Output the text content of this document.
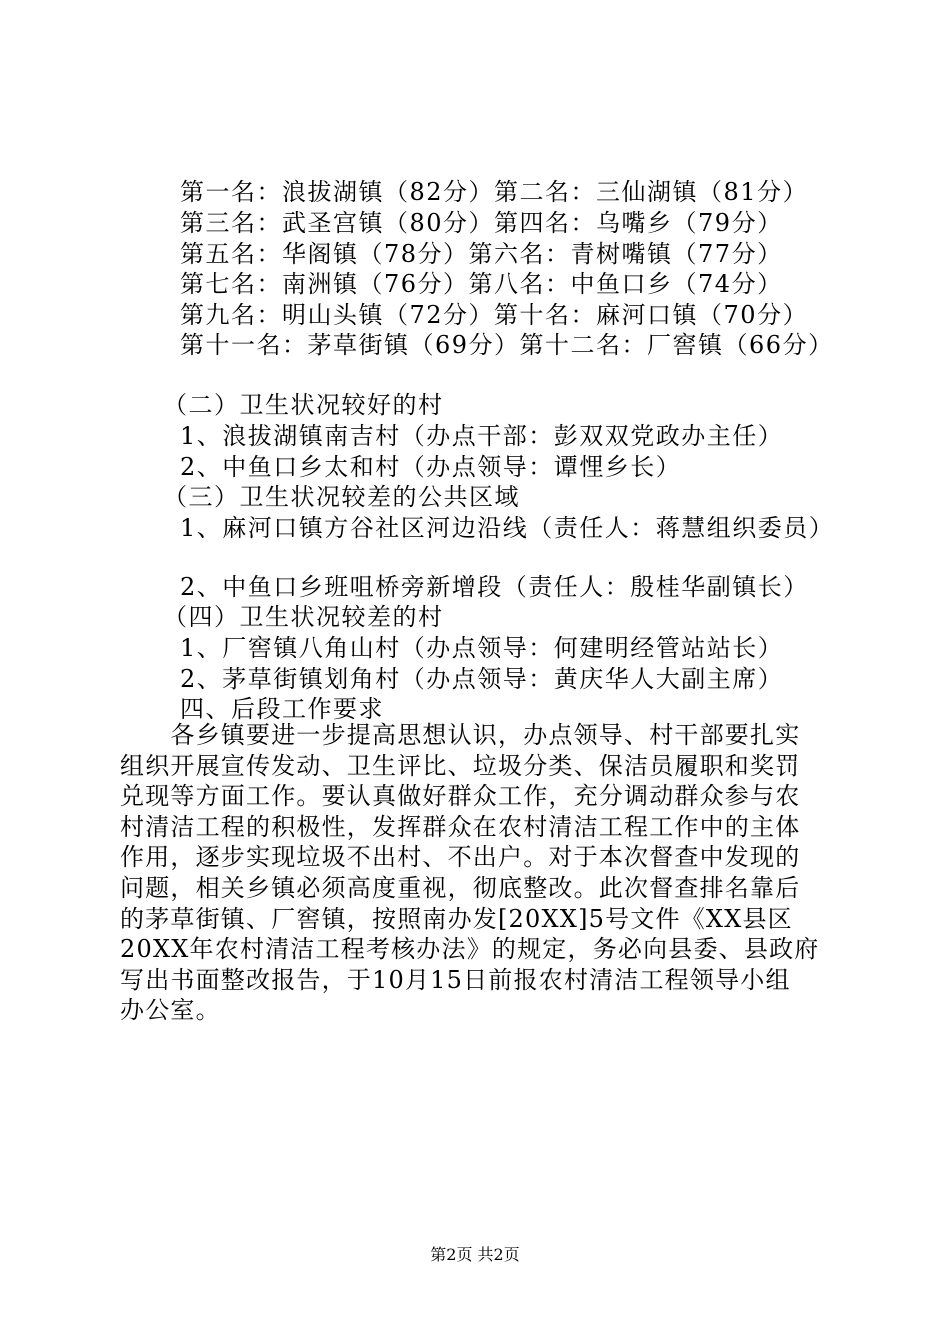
第一名：浪拔湖镇（82分）第二名：三仙湖镇（81分）
第三名：武圣宫镇（80分）第四名：乌嘴乡（79分）
第五名：华阁镇（78分）第六名：青树嘴镇（77分）
第七名：南洲镇（76分）第八名：中鱼口乡（74分）
第九名：明山头镇（72分）第十名：麻河口镇（70分）
第十一名：茅草街镇（69分）第十二名：厂窖镇（66分）
（二）卫生状况较好的村
1、浪拔湖镇南吉村（办点干部：彭双双党政办主任）
2、中鱼口乡太和村（办点领导：谭悝乡长）
（三）卫生状况较差的公共区域
1、麻河口镇方谷社区河边沿线（责任人：蒋慧组织委员）
2、中鱼口乡班咀桥旁新增段（责任人：殷桂华副镇长）
（四）卫生状况较差的村
1、厂窖镇八角山村（办点领导：何建明经管站站长）
2、茅草街镇划角村（办点领导：黄庆华人大副主席）
四、后段工作要求
　　各乡镇要进一步提高思想认识，办点领导、村干部要扎实
组织开展宣传发动、卫生评比、垃圾分类、保洁员履职和奖罚
兑现等方面工作。要认真做好群众工作，充分调动群众参与农
村清洁工程的积极性，发挥群众在农村清洁工程工作中的主体
作用，逐步实现垃圾不出村、不出户。对于本次督查中发现的
问题，相关乡镇必须高度重视，彻底整改。此次督查排名靠后
的茅草街镇、厂窖镇，按照南办发[20XX]5号文件《XX县区
20XX年农村清洁工程考核办法》的规定，务必向县委、县政府
写出书面整改报告，于10月15日前报农村清洁工程领导小组
办公室。
第2页 共2页
